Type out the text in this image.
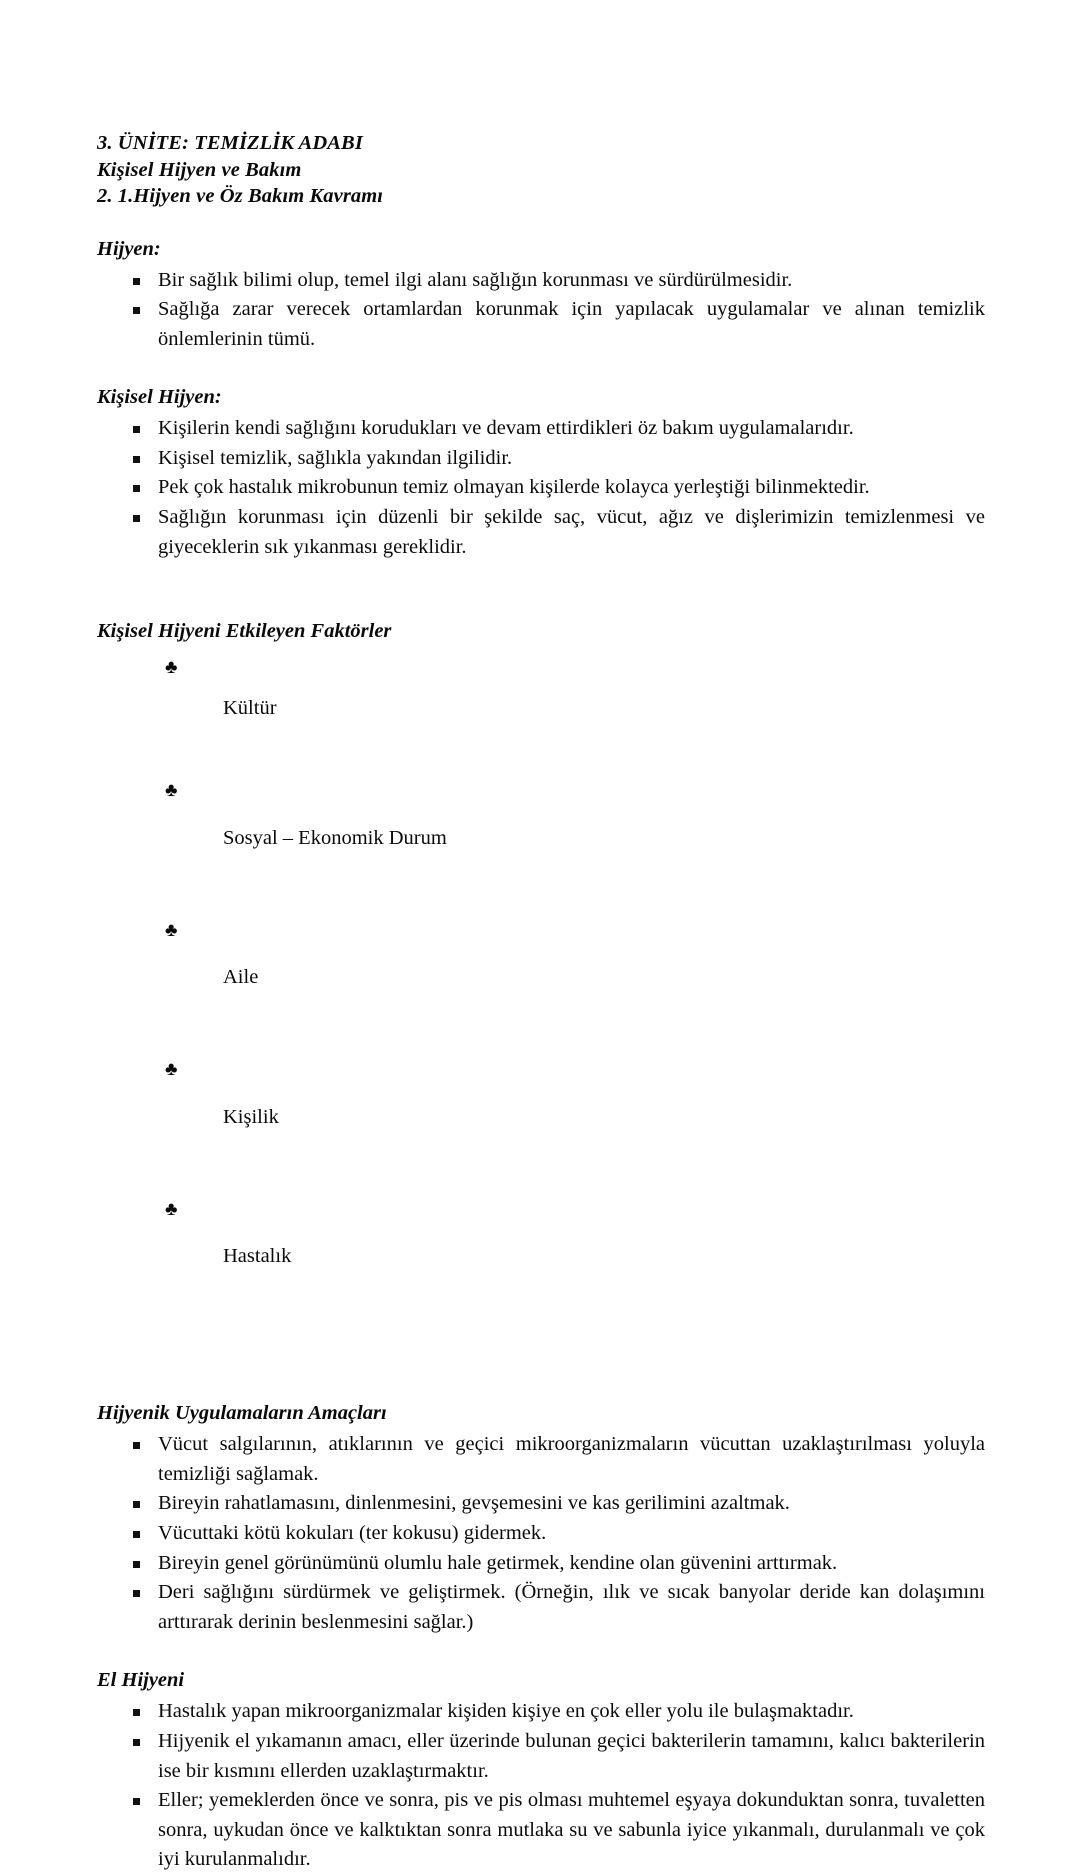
3. ÜNİTE: TEMİZLİK ADABI
Kişisel Hijyen ve Bakım
2. 1.Hijyen ve Öz Bakım Kavramı
Hijyen:
Bir sağlık bilimi olup, temel ilgi alanı sağlığın korunması ve sürdürülmesidir.
Sağlığa zarar verecek ortamlardan korunmak için yapılacak uygulamalar ve alınan temizlik önlemlerinin tümü.
Kişisel Hijyen:
Kişilerin kendi sağlığını korudukları ve devam ettirdikleri öz bakım uygulamalarıdır.
Kişisel temizlik, sağlıkla yakından ilgilidir.
Pek çok hastalık mikrobunun temiz olmayan kişilerde kolayca yerleştiği bilinmektedir.
Sağlığın korunması için düzenli bir şekilde saç, vücut, ağız ve dişlerimizin temizlenmesi ve giyeceklerin sık yıkanması gereklidir.
Kişisel Hijyeni Etkileyen Faktörler

♣
Kültür

♣
Sosyal – Ekonomik Durum

♣
Aile

♣
Kişilik

♣
Hastalık

Hijyenik Uygulamaların Amaçları
Vücut salgılarının, atıklarının ve geçici mikroorganizmaların vücuttan uzaklaştırılması yoluyla temizliği sağlamak.
Bireyin rahatlamasını, dinlenmesini, gevşemesini ve kas gerilimini azaltmak.
Vücuttaki kötü kokuları (ter kokusu) gidermek.
Bireyin genel görünümünü olumlu hale getirmek, kendine olan güvenini arttırmak.
Deri sağlığını sürdürmek ve geliştirmek. (Örneğin, ılık ve sıcak banyolar deride kan dolaşımını arttırarak derinin beslenmesini sağlar.)
El Hijyeni
Hastalık yapan mikroorganizmalar kişiden kişiye en çok eller yolu ile bulaşmaktadır.
Hijyenik el yıkamanın amacı, eller üzerinde bulunan geçici bakterilerin tamamını, kalıcı bakterilerin ise bir kısmını ellerden uzaklaştırmaktır.
Eller; yemeklerden önce ve sonra, pis ve pis olması muhtemel eşyaya dokunduktan sonra, tuvaletten sonra, uykudan önce ve kalktıktan sonra mutlaka su ve sabunla iyice yıkanmalı, durulanmalı ve çok iyi kurulanmalıdır.
